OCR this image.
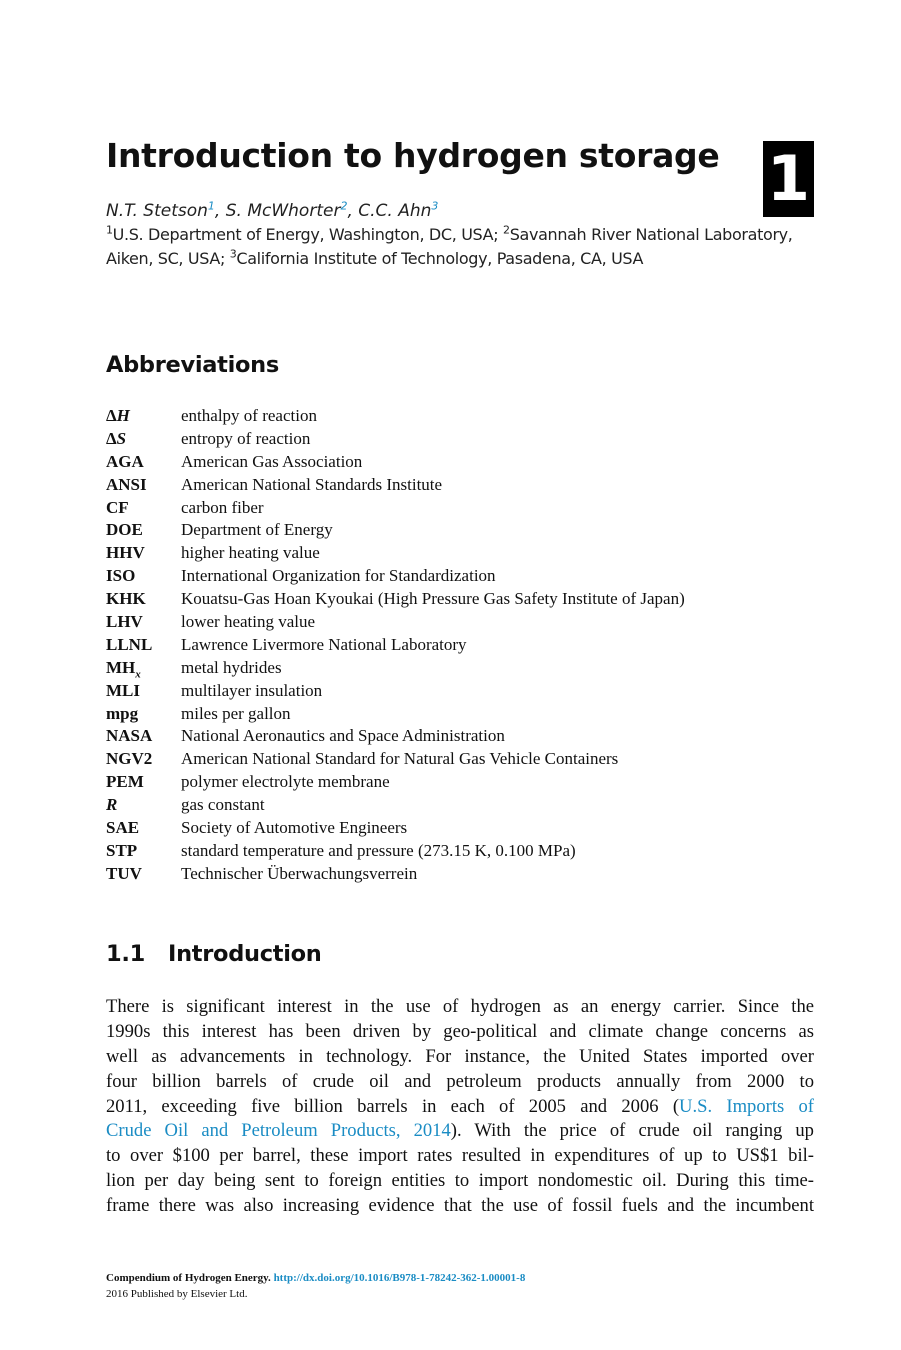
Introduction to hydrogen storage 1
N.T. Stetson$^1$, S. McWhorter$^2$, C.C. Ahn$^3$
$^1$U.S. Department of Energy, Washington, DC, USA; $^2$Savannah River National Laboratory, Aiken, SC, USA; $^3$California Institute of Technology, Pasadena, CA, USA
Abbreviations
ΔH	enthalpy of reaction
ΔS	entropy of reaction
AGA	American Gas Association
ANSI	American National Standards Institute
CF	carbon fiber
DOE	Department of Energy
HHV	higher heating value
ISO	International Organization for Standardization
KHK	Kouatsu-Gas Hoan Kyoukai (High Pressure Gas Safety Institute of Japan)
LHV	lower heating value
LLNL	Lawrence Livermore National Laboratory
$MH_x$	metal hydrides
MLI	multilayer insulation
mpg	miles per gallon
NASA	National Aeronautics and Space Administration
NGV2	American National Standard for Natural Gas Vehicle Containers
PEM	polymer electrolyte membrane
R	gas constant
SAE	Society of Automotive Engineers
STP	standard temperature and pressure (273.15 K, 0.100 MPa)
TUV	Technischer Überwachungsverrein
1.1 Introduction
There is significant interest in the use of hydrogen as an energy carrier. Since the
1990s this interest has been driven by geo-political and climate change concerns as
well as advancements in technology. For instance, the United States imported over
four billion barrels of crude oil and petroleum products annually from 2000 to
2011, exceeding five billion barrels in each of 2005 and 2006 (U.S. Imports of
Crude Oil and Petroleum Products, 2014). With the price of crude oil ranging up
to over $100 per barrel, these import rates resulted in expenditures of up to US$1 bil-
lion per day being sent to foreign entities to import nondomestic oil. During this time-
frame there was also increasing evidence that the use of fossil fuels and the incumbent
Compendium of Hydrogen Energy. http://dx.doi.org/10.1016/B978-1-78242-362-1.00001-8
2016 Published by Elsevier Ltd.
